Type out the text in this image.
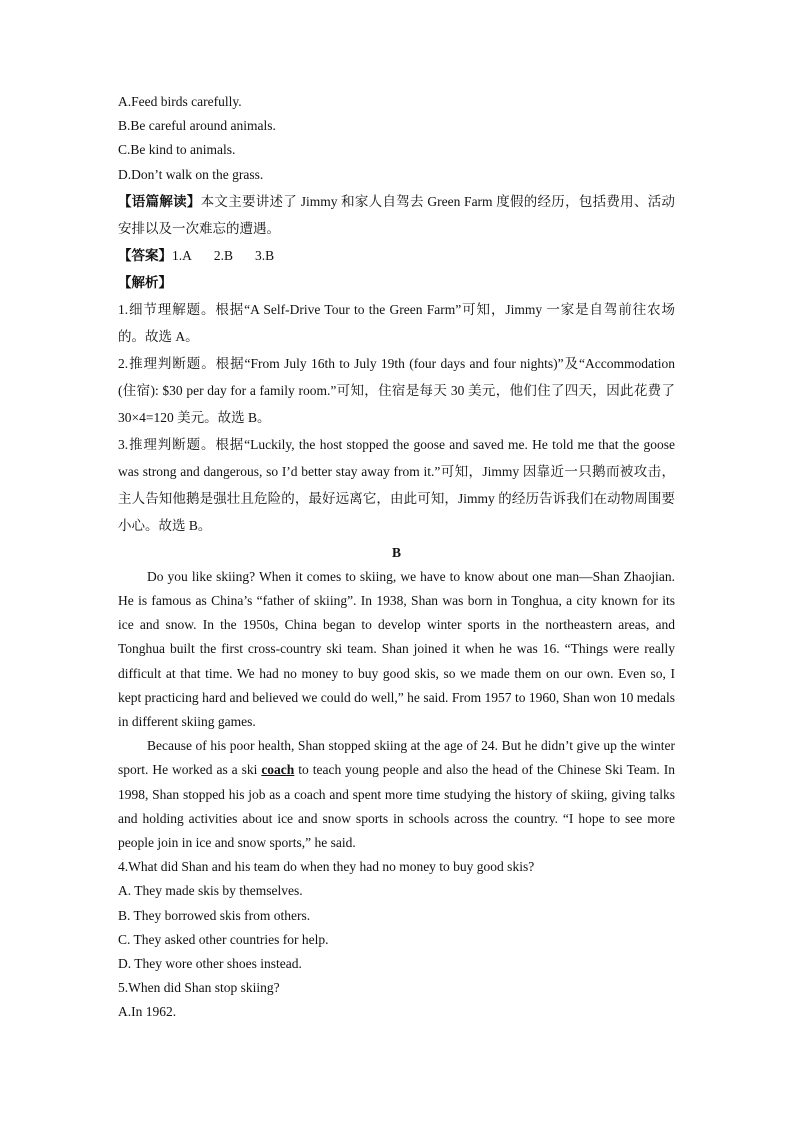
A.Feed birds carefully.
B.Be careful around animals.
C.Be kind to animals.
D.Don’t walk on the grass.

【语篇解读】本文主要讲述了 Jimmy 和家人自驾去 Green Farm 度假的经历，包括费用、活动安排以及一次难忘的遭遇。

【答案】1.A 2.B 3.B
【解析】

1.细节理解题。根据“A Self-Drive Tour to the Green Farm”可知，Jimmy 一家是自驾前往农场的。故选 A。

2.推理判断题。根据“From July 16th to July 19th (four days and four nights)”及“Accommodation (住宿): $30 per day for a family room.”可知，住宿是每天 30 美元，他们住了四天，因此花费了 30×4=120 美元。故选 B。

3.推理判断题。根据“Luckily, the host stopped the goose and saved me. He told me that the goose was strong and dangerous, so I’d better stay away from it.”可知，Jimmy 因靠近一只鹅而被攻击，主人告知他鹅是强壮且危险的，最好远离它，由此可知，Jimmy 的经历告诉我们在动物周围要小心。故选 B。

B

Do you like skiing? When it comes to skiing, we have to know about one man—Shan Zhaojian. He is famous as China’s “father of skiing”. In 1938, Shan was born in Tonghua, a city known for its ice and snow. In the 1950s, China began to develop winter sports in the northeastern areas, and Tonghua built the first cross-country ski team. Shan joined it when he was 16. “Things were really difficult at that time. We had no money to buy good skis, so we made them on our own. Even so, I kept practicing hard and believed we could do well,” he said. From 1957 to 1960, Shan won 10 medals in different skiing games.

Because of his poor health, Shan stopped skiing at the age of 24. But he didn’t give up the winter sport. He worked as a ski coach to teach young people and also the head of the Chinese Ski Team. In 1998, Shan stopped his job as a coach and spent more time studying the history of skiing, giving talks and holding activities about ice and snow sports in schools across the country. “I hope to see more people join in ice and snow sports,” he said.

4.What did Shan and his team do when they had no money to buy good skis?
A. They made skis by themselves.
B. They borrowed skis from others.
C. They asked other countries for help.
D. They wore other shoes instead.
5.When did Shan stop skiing?
A.In 1962.
